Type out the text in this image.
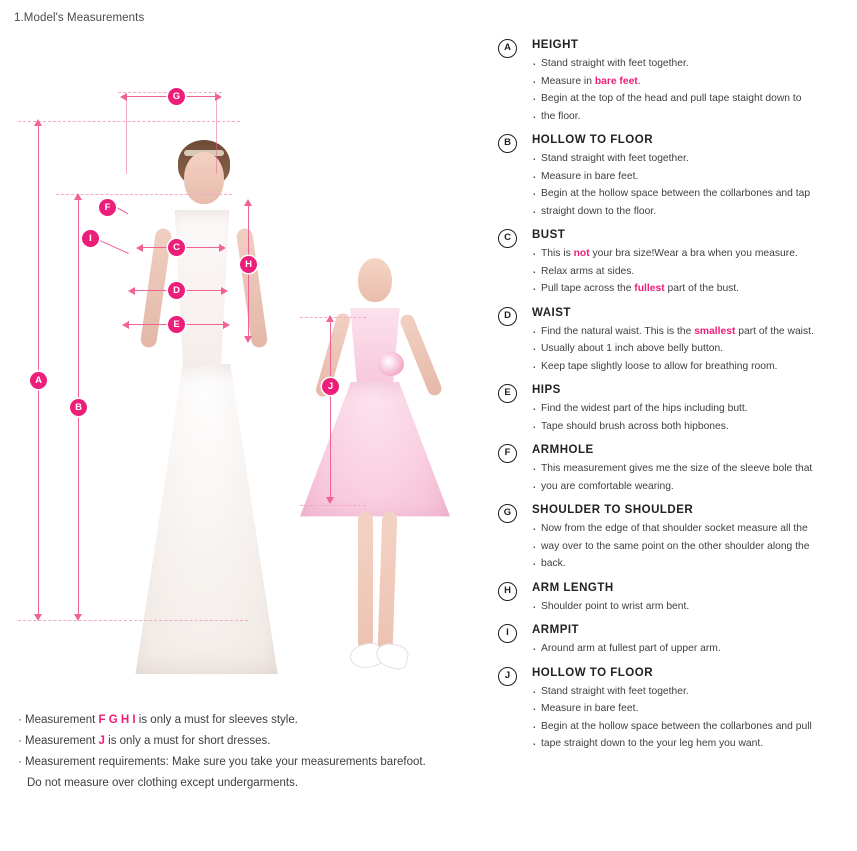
1.Model's Measurements
A
B
G
F
I
H
C
D
E
J
· Measurement F G H I is only a must for sleeves style.
· Measurement J is only a must for short dresses.
· Measurement requirements: Make sure you take your measurements barefoot.
Do not measure over clothing except undergarments.
A	HEIGHT
· Stand straight with feet together.
· Measure in bare feet.
· Begin at the top of the head and pull tape staight down to
· the floor.
B	HOLLOW TO FLOOR
· Stand straight with feet together.
· Measure in bare feet.
· Begin at the hollow space between the collarbones and tap
· straight down to the floor.
C	BUST
· This is not your bra size!Wear a bra when you measure.
· Relax arms at sides.
· Pull tape across the fullest part of the bust.
D	WAIST
· Find the natural waist. This is the smallest part of the waist.
· Usually about 1 inch above belly button.
· Keep tape slightly loose to allow for breathing room.
E	HIPS
· Find the widest part of the hips including butt.
· Tape should brush across both hipbones.
F	ARMHOLE
· This measurement gives me the size of the sleeve bole that
· you are comfortable wearing.
G	SHOULDER TO SHOULDER
· Now from the edge of that shoulder socket measure all the
· way over to the same point on the other shoulder along the
· back.
H	ARM LENGTH
· Shoulder point to wrist arm bent.
I	ARMPIT
· Around arm at fullest part of upper arm.
J	HOLLOW TO FLOOR
· Stand straight with feet together.
· Measure in bare feet.
· Begin at the hollow space between the collarbones and pull
· tape straight down to the your leg hem you want.
